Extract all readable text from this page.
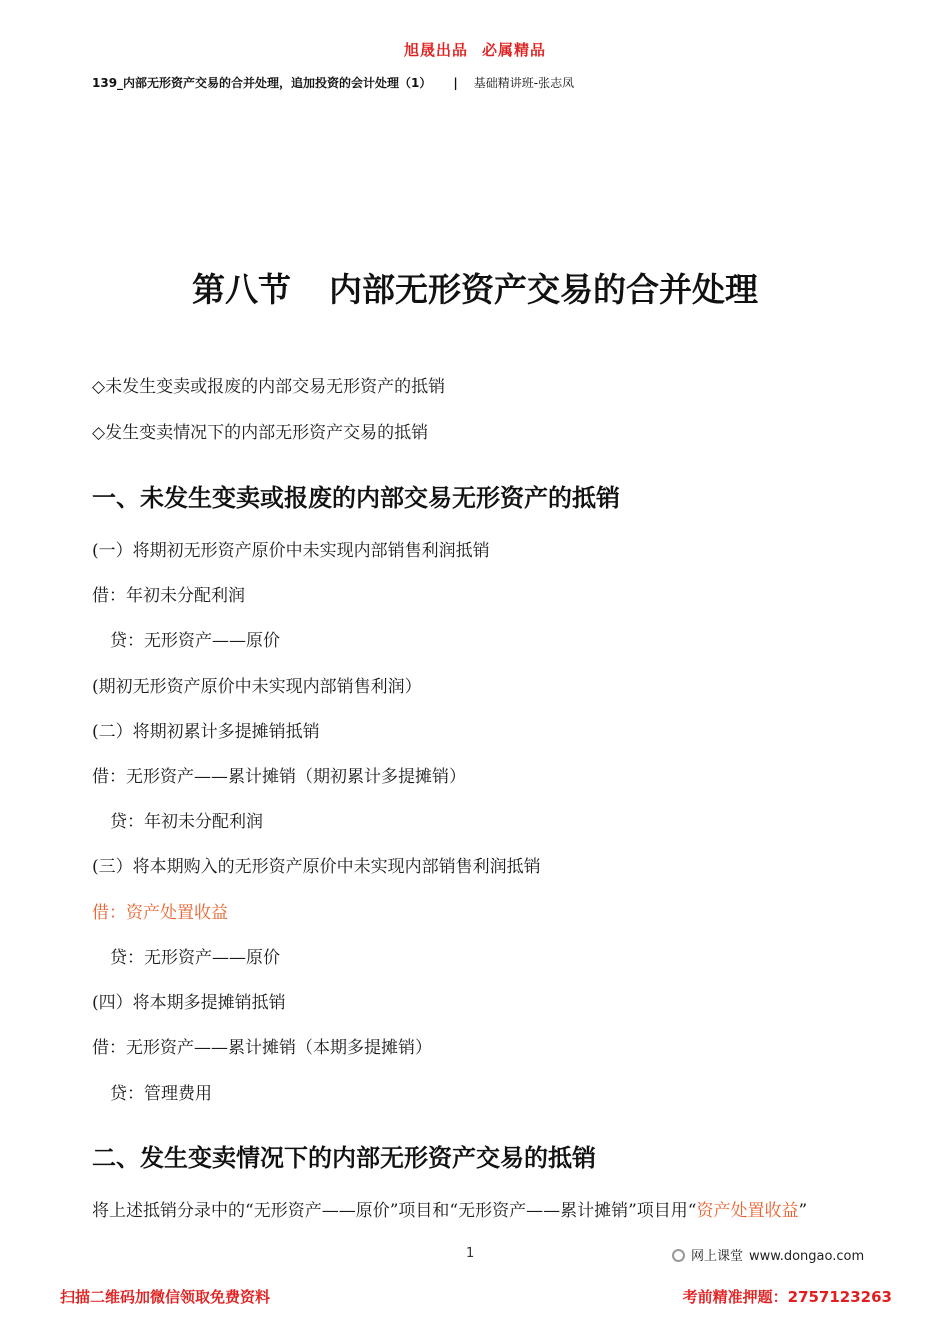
旭晟出品 必属精品
139_内部无形资产交易的合并处理，追加投资的会计处理（1） | 基础精讲班-张志凤
第八节 内部无形资产交易的合并处理
◇未发生变卖或报废的内部交易无形资产的抵销
◇发生变卖情况下的内部无形资产交易的抵销
一、未发生变卖或报废的内部交易无形资产的抵销
(一）将期初无形资产原价中未实现内部销售利润抵销
借：年初未分配利润
贷：无形资产——原价
(期初无形资产原价中未实现内部销售利润）
(二）将期初累计多提摊销抵销
借：无形资产——累计摊销（期初累计多提摊销）
贷：年初未分配利润
(三）将本期购入的无形资产原价中未实现内部销售利润抵销
借：资产处置收益
贷：无形资产——原价
(四）将本期多提摊销抵销
借：无形资产——累计摊销（本期多提摊销）
贷：管理费用
二、发生变卖情况下的内部无形资产交易的抵销
将上述抵销分录中的“无形资产——原价”项目和“无形资产——累计摊销”项目用“资产处置收益”
1	网上课堂 www.dongao.com
扫描二维码加微信领取免费资料	考前精准押题：2757123263
